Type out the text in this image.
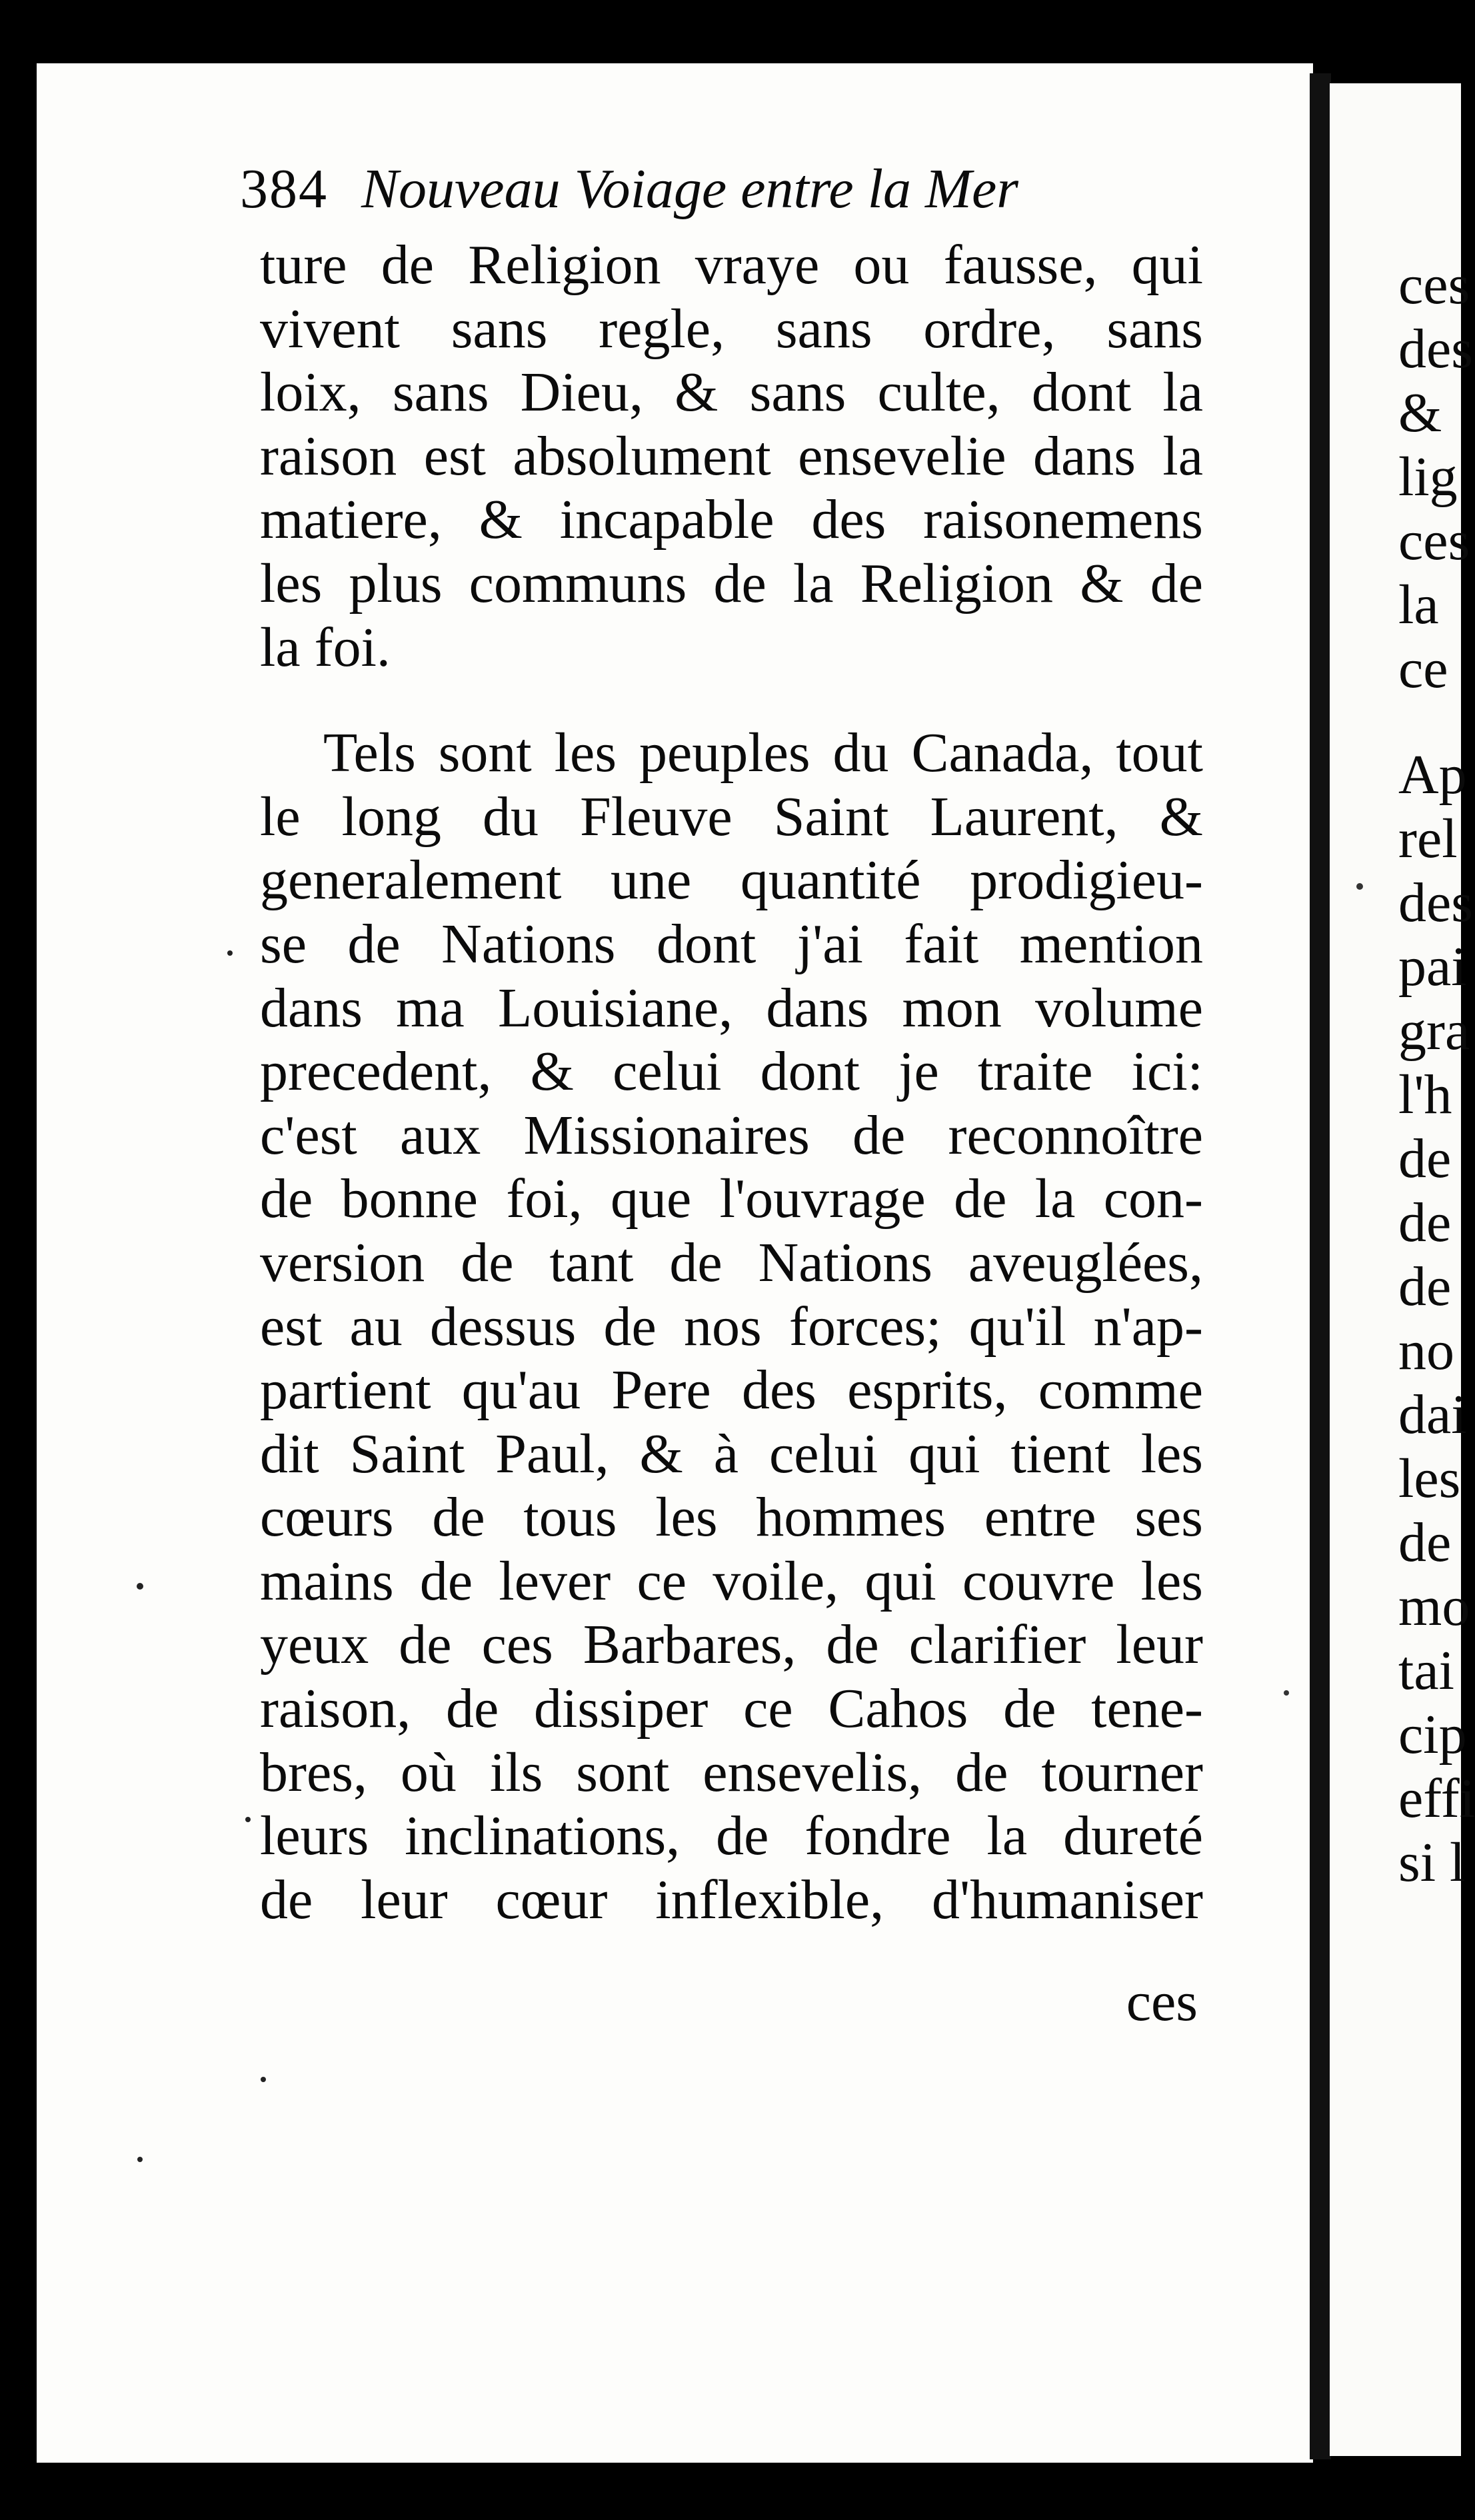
384 Nouveau Voiage entre la Mer
ture de Religion vraye ou fausse, qui
vivent sans regle, sans ordre, sans
loix, sans Dieu, & sans culte, dont la
raison est absolument ensevelie dans la
matiere, & incapable des raisonemens
les plus communs de la Religion & de
la foi.
Tels sont les peuples du Canada, tout
le long du Fleuve Saint Laurent, &
generalement une quantité prodigieu-
se de Nations dont j'ai fait mention
dans ma Louisiane, dans mon volume
precedent, & celui dont je traite ici:
c'est aux Missionaires de reconnoître
de bonne foi, que l'ouvrage de la con-
version de tant de Nations aveuglées,
est au dessus de nos forces; qu'il n'ap-
partient qu'au Pere des esprits, comme
dit Saint Paul, & à celui qui tient les
cœurs de tous les hommes entre ses
mains de lever ce voile, qui couvre les
yeux de ces Barbares, de clarifier leur
raison, de dissiper ce Cahos de tene-
bres, où ils sont ensevelis, de tourner
leurs inclinations, de fondre la dureté
de leur cœur inflexible, d'humaniser
ces
ces
des
&
lig
ces
la
ce
Ap
rel
des
pai
gra
l'h
de
de
de
no
dai
les
de
mo
tai
cip
effi
si l
